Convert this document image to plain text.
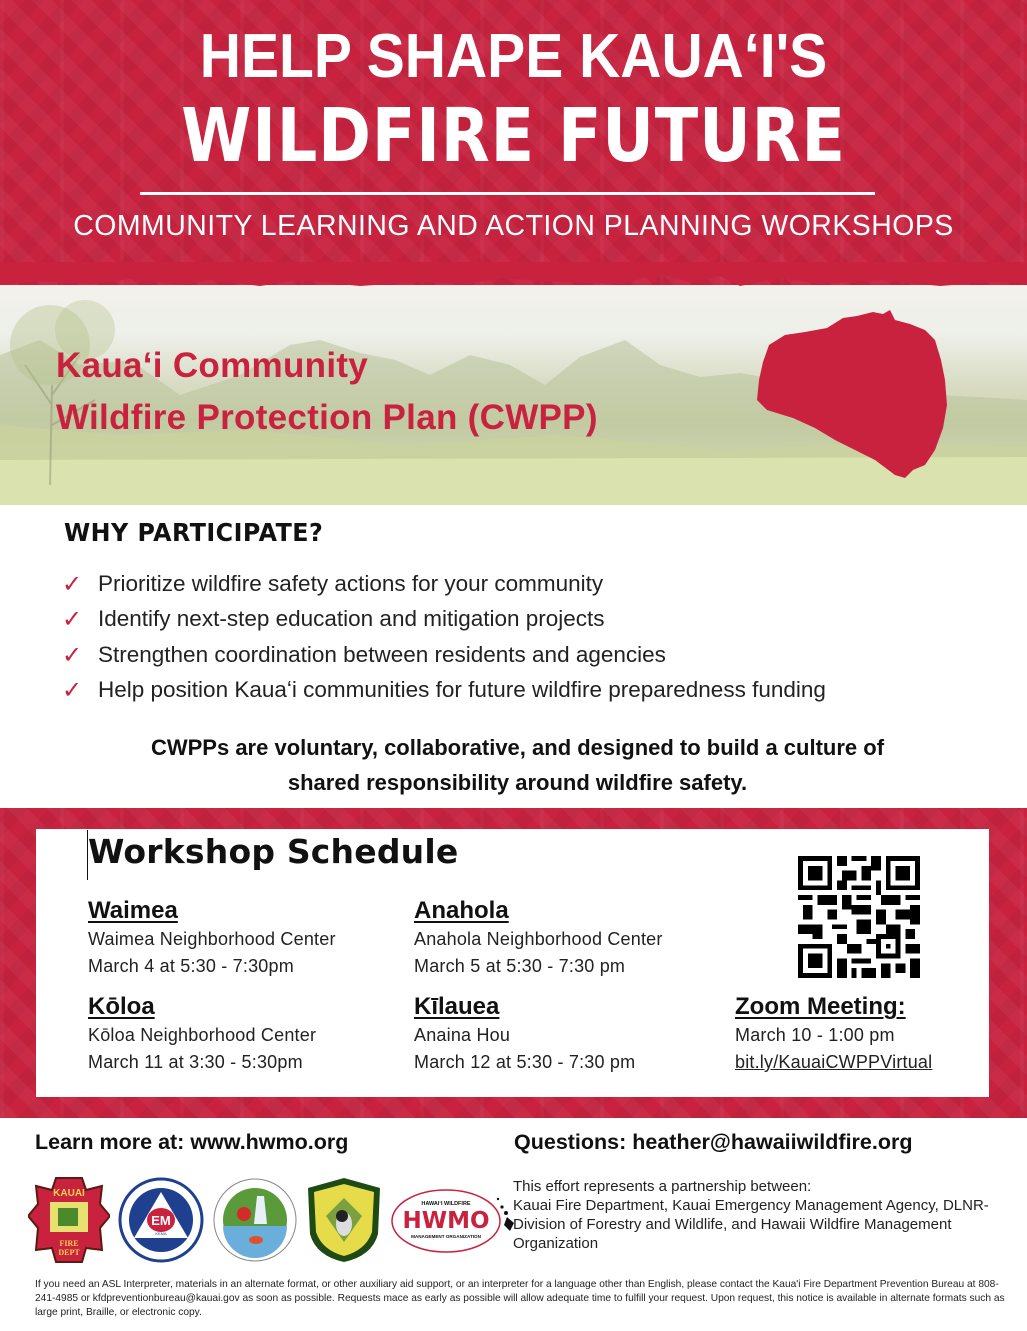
HELP SHAPE KAUAʻI'S
WILDFIRE FUTURE
COMMUNITY LEARNING AND ACTION PLANNING WORKSHOPS
Kauaʻi Community
Wildfire Protection Plan (CWPP)
WHY PARTICIPATE?
✓ Prioritize wildfire safety actions for your community
✓ Identify next-step education and mitigation projects
✓ Strengthen coordination between residents and agencies
✓ Help position Kauaʻi communities for future wildfire preparedness funding
CWPPs are voluntary, collaborative, and designed to build a culture of
shared responsibility around wildfire safety.
Workshop Schedule
Waimea
Waimea Neighborhood Center
March 4 at 5:30 - 7:30pm
Anahola
Anahola Neighborhood Center
March 5 at 5:30 - 7:30 pm
Kōloa
Kōloa Neighborhood Center
March 11 at 3:30 - 5:30pm
Kīlauea
Anaina Hou
March 12 at 5:30 - 7:30 pm
Zoom Meeting:
March 10 - 1:00 pm
bit.ly/KauaiCWPPVirtual
Learn more at: www.hwmo.org	Questions: heather@hawaiiwildfire.org
KAUAI
FIRE
DEPT
EM
KEMA
HAWAIʻI WILDFIRE
HWMO
MANAGEMENT ORGANIZATION
This effort represents a partnership between:
Kauai Fire Department, Kauai Emergency Management Agency, DLNR-Division of Forestry and Wildlife, and Hawaii Wildfire Management Organization
If you need an ASL Interpreter, materials in an alternate format, or other auxiliary aid support, or an interpreter for a language other than English, please contact the Kaua'i Fire Department Prevention Bureau at 808- 241-4985 or kfdpreventionbureau@kauai.gov as soon as possible. Requests mace as early as possible will allow adequate time to fulfill your request. Upon request, this notice is available in alternate formats such as large print, Braille, or electronic copy.
